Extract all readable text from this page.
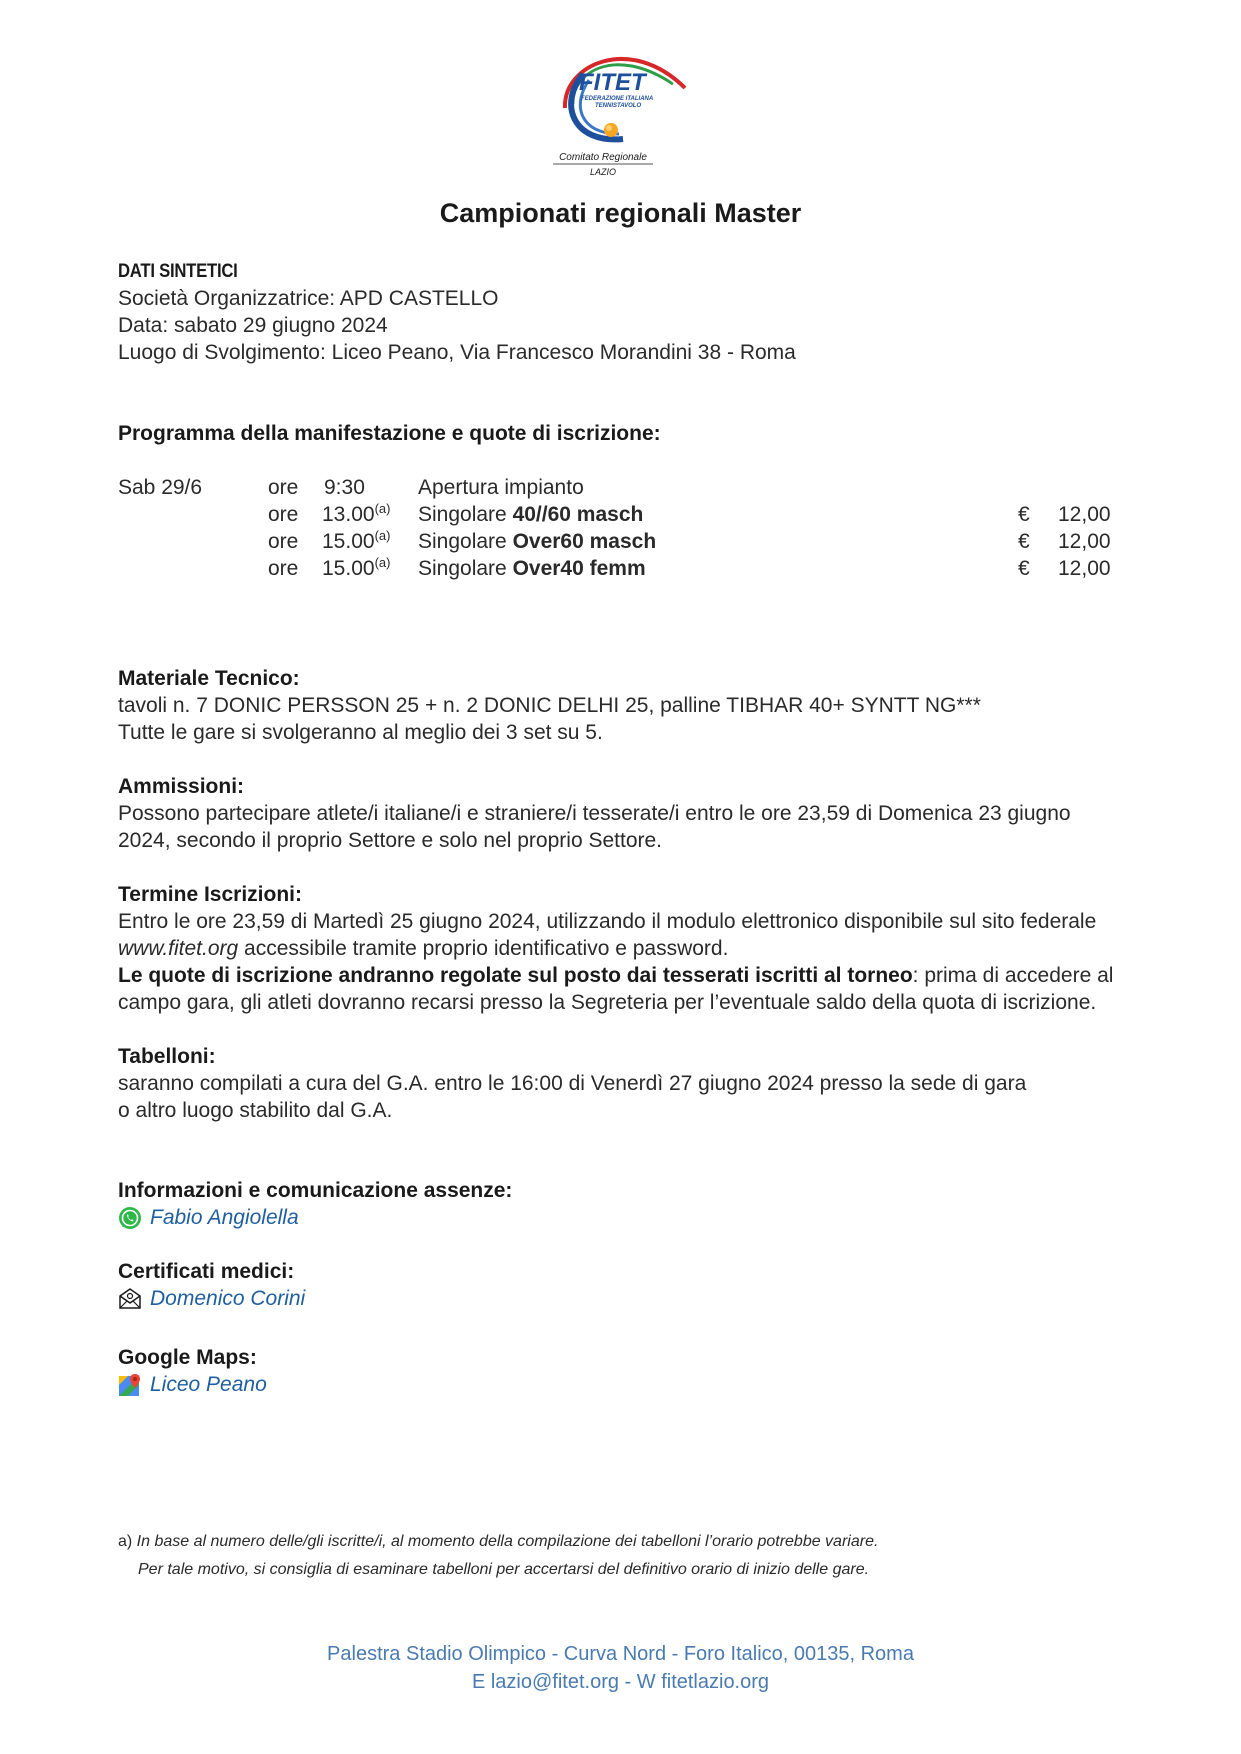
FITET
FEDERAZIONE ITALIANA
TENNISTAVOLO
Comitato Regionale
LAZIO
Campionati regionali Master
DATI SINTETICI
Società Organizzatrice: APD CASTELLO
Data: sabato 29 giugno 2024
Luogo di Svolgimento: Liceo Peano, Via Francesco Morandini 38 - Roma
Programma della manifestazione e quote di iscrizione:
Sab 29/6	ore 9:30	Apertura impianto
ore 13.00$^{(a)}$ Singolare 40//60 masch	€ 12,00
ore 15.00$^{(a)}$ Singolare Over60 masch	€ 12,00
ore 15.00$^{(a)}$ Singolare Over40 femm	€ 12,00
Materiale Tecnico:
tavoli n. 7 DONIC PERSSON 25 + n. 2 DONIC DELHI 25, palline TIBHAR 40+ SYNTT NG***
Tutte le gare si svolgeranno al meglio dei 3 set su 5.
Ammissioni:
Possono partecipare atlete/i italiane/i e straniere/i tesserate/i entro le ore 23,59 di Domenica 23 giugno
2024, secondo il proprio Settore e solo nel proprio Settore.
Termine Iscrizioni:
Entro le ore 23,59 di Martedì 25 giugno 2024, utilizzando il modulo elettronico disponibile sul sito federale
www.fitet.org accessibile tramite proprio identificativo e password.
Le quote di iscrizione andranno regolate sul posto dai tesserati iscritti al torneo: prima di accedere al
campo gara, gli atleti dovranno recarsi presso la Segreteria per l’eventuale saldo della quota di iscrizione.
Tabelloni:
saranno compilati a cura del G.A. entro le 16:00 di Venerdì 27 giugno 2024 presso la sede di gara
o altro luogo stabilito dal G.A.
Informazioni e comunicazione assenze:
Fabio Angiolella
Certificati medici:
Domenico Corini
Google Maps:
Liceo Peano
a) In base al numero delle/gli iscritte/i, al momento della compilazione dei tabelloni l’orario potrebbe variare.
Per tale motivo, si consiglia di esaminare tabelloni per accertarsi del definitivo orario di inizio delle gare.
Palestra Stadio Olimpico - Curva Nord - Foro Italico, 00135, Roma
E lazio@fitet.org - W fitetlazio.org
